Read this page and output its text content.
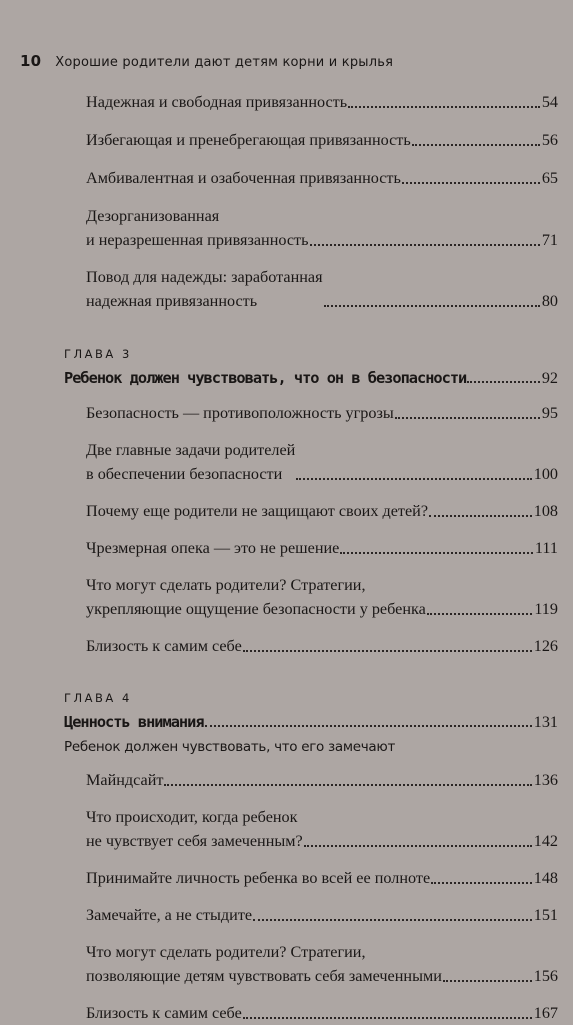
10 Хорошие родители дают детям корни и крылья
Надежная и свободная привязанность	54
Избегающая и пренебрегающая привязанность	56
Амбивалентная и озабоченная привязанность	65
Дезорганизованная
и неразрешенная привязанность	71
Повод для надежды: заработанная
надежная привязанность	80
ГЛАВА 3
Ребенок должен чувствовать, что он в безопасности	92
Безопасность — противоположность угрозы	95
Две главные задачи родителей
в обеспечении безопасности	100
Почему еще родители не защищают своих детей?	108
Чрезмерная опека — это не решение	111
Что могут сделать родители? Стратегии,
укрепляющие ощущение безопасности у ребенка	119
Близость к самим себе	126
ГЛАВА 4
Ценность внимания	131
Ребенок должен чувствовать, что его замечают
Майндсайт	136
Что происходит, когда ребенок
не чувствует себя замеченным?	142
Принимайте личность ребенка во всей ее полноте	148
Замечайте, а не стыдите	151
Что могут сделать родители? Стратегии,
позволяющие детям чувствовать себя замеченными	156
Близость к самим себе	167
